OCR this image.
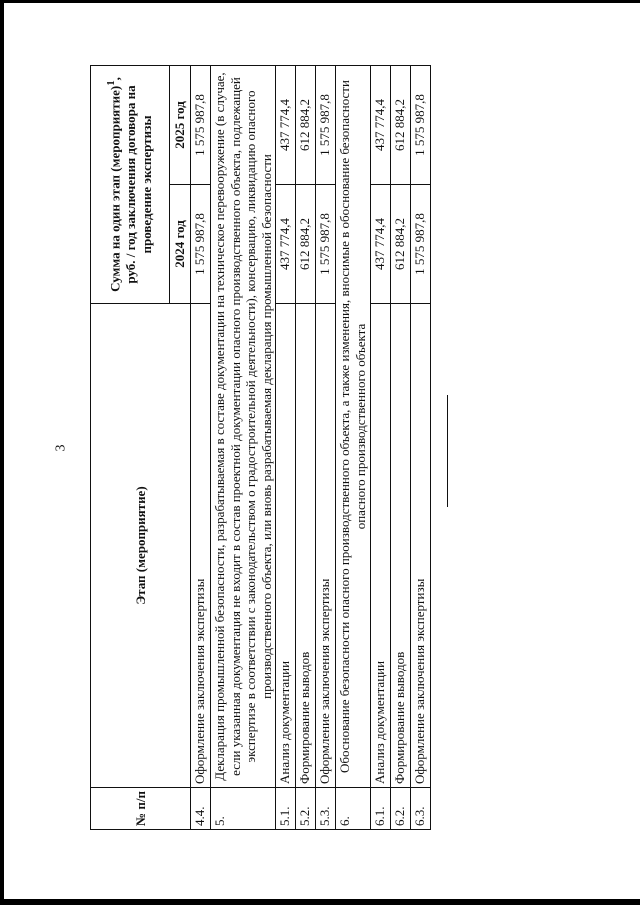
3
№ п/п	Этап (мероприятие)	Сумма на один этап (мероприятие)$^1$, руб. / год заключения договора на проведение экспертизы	
		2024 год	2025 год
4.4.	Оформление заключения экспертизы	1 575 987,8	1 575 987,8
5.	Декларация промышленной безопасности, разрабатываемая в составе документации на техническое перевооружение (в случае, если указанная документация не входит в состав проектной документации опасного производственного объекта, подлежащей экспертизе в соответствии с законодательством о градостроительной деятельности), консервацию, ликвидацию опасного производственного объекта, или вновь разрабатываемая декларация промышленной безопасности		
5.1.	Анализ документации	437 774,4	437 774,4
5.2.	Формирование выводов	612 884,2	612 884,2
5.3.	Оформление заключения экспертизы	1 575 987,8	1 575 987,8
6.	Обоснование безопасности опасного производственного объекта, а также изменения, вносимые в обоснование безопасности опасного производственного объекта		
6.1.	Анализ документации	437 774,4	437 774,4
6.2.	Формирование выводов	612 884,2	612 884,2
6.3.	Оформление заключения экспертизы	1 575 987,8	1 575 987,8
